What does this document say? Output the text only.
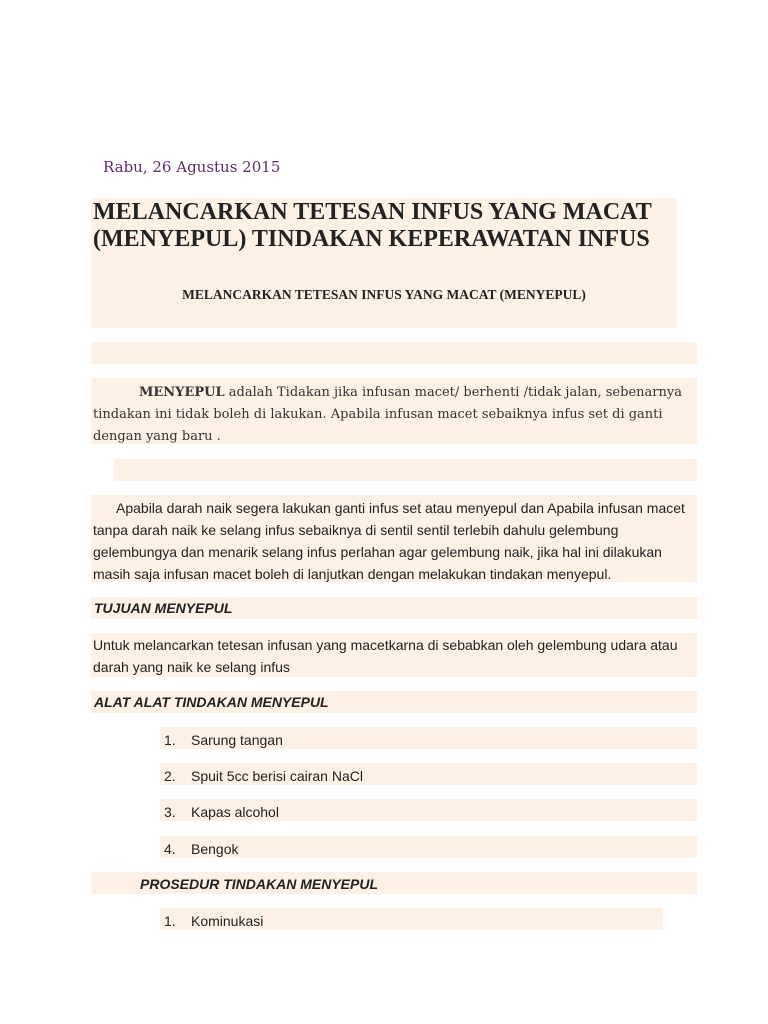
Rabu, 26 Agustus 2015
MELANCARKAN TETESAN INFUS YANG MACAT (MENYEPUL) TINDAKAN KEPERAWATAN INFUS
MELANCARKAN TETESAN INFUS YANG MACAT (MENYEPUL)
MENYEPUL adalah Tidakan jika infusan macet/ berhenti /tidak jalan, sebenarnya tindakan ini tidak boleh di lakukan. Apabila infusan macet sebaiknya infus set di ganti dengan yang baru .
Apabila darah naik segera lakukan ganti infus set atau menyepul dan Apabila infusan macet tanpa darah naik ke selang infus sebaiknya di sentil sentil terlebih dahulu gelembung gelembungya dan menarik selang infus perlahan agar gelembung naik, jika hal ini dilakukan masih saja infusan macet boleh di lanjutkan dengan melakukan tindakan menyepul.
TUJUAN MENYEPUL
Untuk melancarkan tetesan infusan yang macetkarna di sebabkan oleh gelembung udara atau darah yang naik ke selang infus
ALAT ALAT TINDAKAN MENYEPUL
1. Sarung tangan
2. Spuit 5cc berisi cairan NaCl
3. Kapas alcohol
4. Bengok
PROSEDUR TINDAKAN MENYEPUL
1. Kominukasi
